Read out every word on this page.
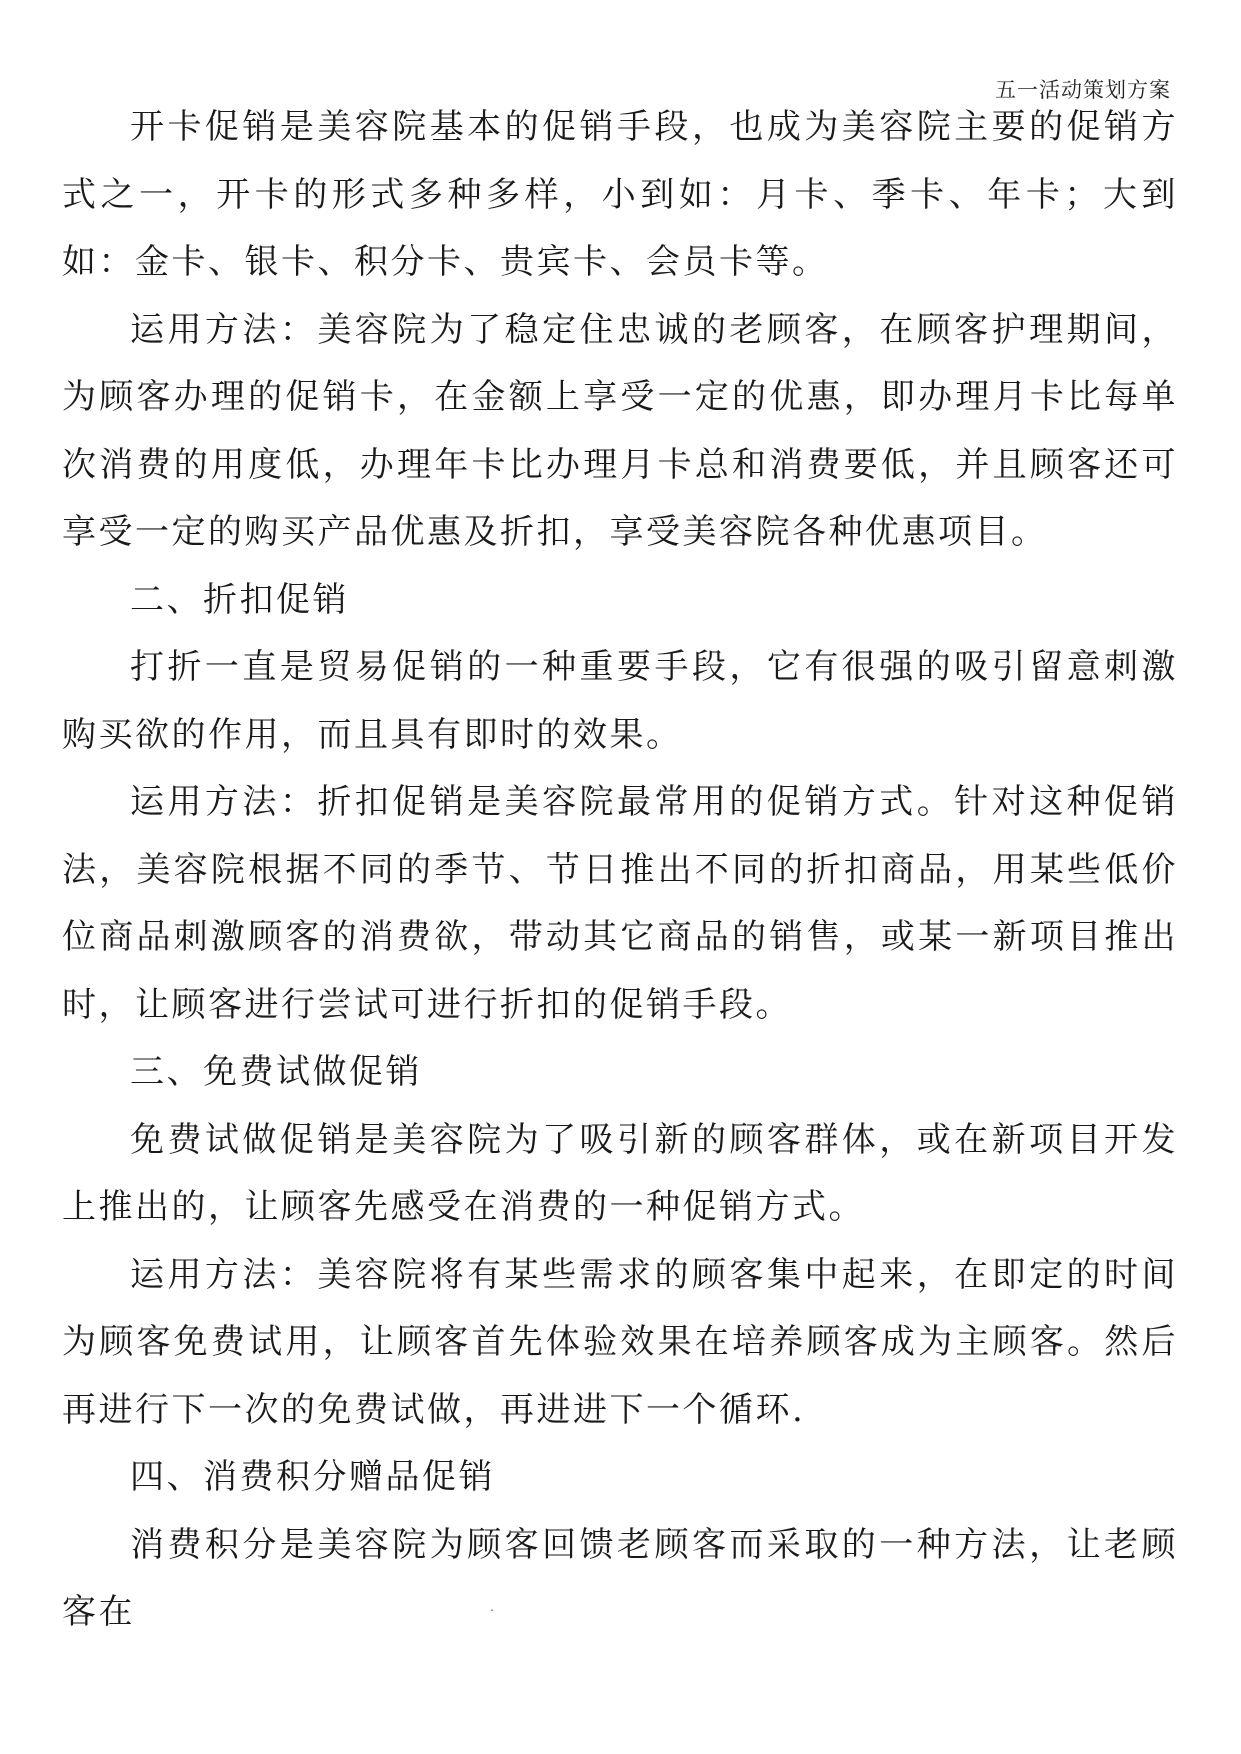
五一活动策划方案

开卡促销是美容院基本的促销手段，也成为美容院主要的促销方式之一，开卡的形式多种多样，小到如：月卡、季卡、年卡；大到如：金卡、银卡、积分卡、贵宾卡、会员卡等。

运用方法：美容院为了稳定住忠诚的老顾客，在顾客护理期间，为顾客办理的促销卡，在金额上享受一定的优惠，即办理月卡比每单次消费的用度低，办理年卡比办理月卡总和消费要低，并且顾客还可享受一定的购买产品优惠及折扣，享受美容院各种优惠项目。

二、折扣促销

打折一直是贸易促销的一种重要手段，它有很强的吸引留意刺激购买欲的作用，而且具有即时的效果。

运用方法：折扣促销是美容院最常用的促销方式。针对这种促销法，美容院根据不同的季节、节日推出不同的折扣商品，用某些低价位商品刺激顾客的消费欲，带动其它商品的销售，或某一新项目推出时，让顾客进行尝试可进行折扣的促销手段。

三、免费试做促销

免费试做促销是美容院为了吸引新的顾客群体，或在新项目开发上推出的，让顾客先感受在消费的一种促销方式。

运用方法：美容院将有某些需求的顾客集中起来，在即定的时间为顾客免费试用，让顾客首先体验效果在培养顾客成为主顾客。然后再进行下一次的免费试做，再进进下一个循环.

四、消费积分赠品促销

消费积分是美容院为顾客回馈老顾客而采取的一种方法，让老顾客在	.
